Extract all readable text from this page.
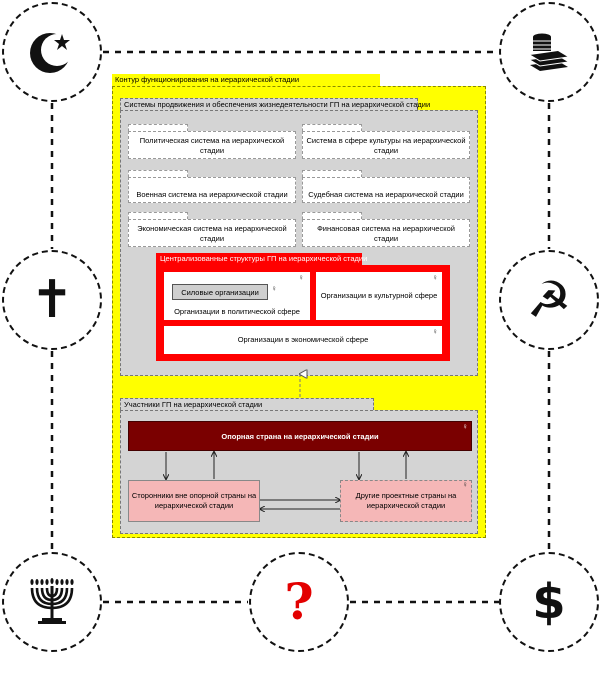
✝	☭
?	$
Контур функционирования на иерархической стадии
Системы продвижения и обеспечения жизнедеятельности ГП на иерархической стадии
Политическая система на иерархической стадии
Система в сфере культуры на иерархической стадии
Военная система на иерархической стадии	Судебная система на иерархической стадии
Экономическая система на иерархической стадии
Финансовая система на иерархической стадии
Централизованные структуры ГП на иерархической стадии
Организации в политической сфере
Силовые организации ♀
♀
Организации в культурной сфере
♀
Организации в экономической сфере
♀
Участники ГП на иерархической стадии
Опорная страна на иерархической стадии
♀
Сторонники вне опорной страны на иерархической стадии
Другие проектные страны на иерархической стадии
♀
